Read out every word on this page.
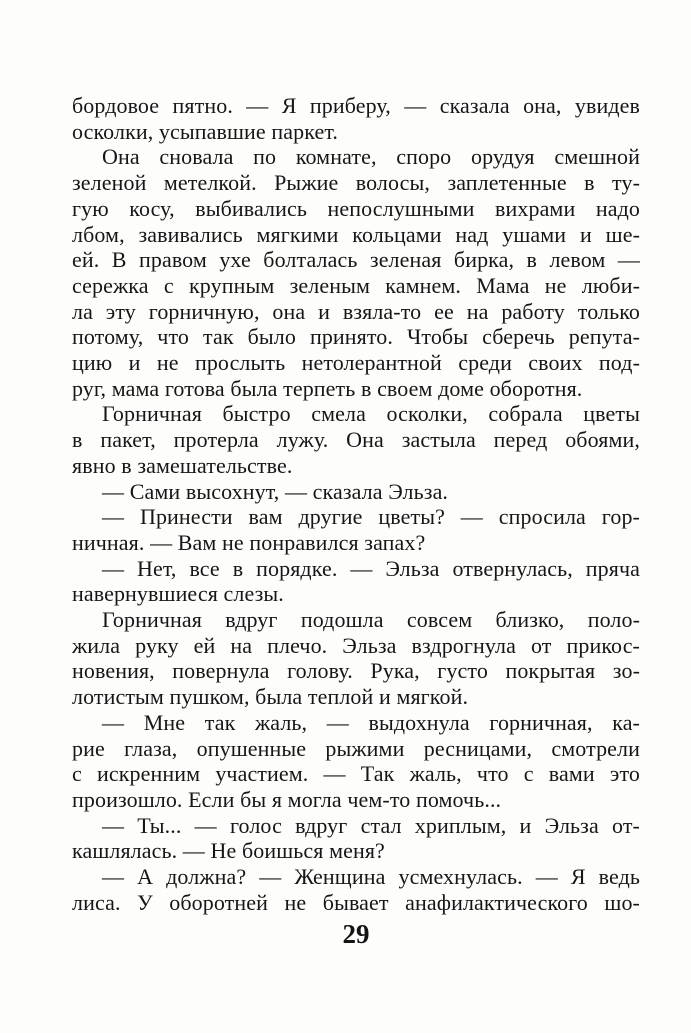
бордовое пятно. — Я приберу, — сказала она, увидев
осколки, усыпавшие паркет.
Она сновала по комнате, споро орудуя смешной
зеленой метелкой. Рыжие волосы, заплетенные в ту-
гую косу, выбивались непослушными вихрами надо
лбом, завивались мягкими кольцами над ушами и ше-
ей. В правом ухе болталась зеленая бирка, в левом —
сережка с крупным зеленым камнем. Мама не люби-
ла эту горничную, она и взяла-то ее на работу только
потому, что так было принято. Чтобы сберечь репута-
цию и не прослыть нетолерантной среди своих под-
руг, мама готова была терпеть в своем доме оборотня.
Горничная быстро смела осколки, собрала цветы
в пакет, протерла лужу. Она застыла перед обоями,
явно в замешательстве.
— Сами высохнут, — сказала Эльза.
— Принести вам другие цветы? — спросила гор-
ничная. — Вам не понравился запах?
— Нет, все в порядке. — Эльза отвернулась, пряча
навернувшиеся слезы.
Горничная вдруг подошла совсем близко, поло-
жила руку ей на плечо. Эльза вздрогнула от прикос-
новения, повернула голову. Рука, густо покрытая зо-
лотистым пушком, была теплой и мягкой.
— Мне так жаль, — выдохнула горничная, ка-
рие глаза, опушенные рыжими ресницами, смотрели
с искренним участием. — Так жаль, что с вами это
произошло. Если бы я могла чем-то помочь...
— Ты... — голос вдруг стал хриплым, и Эльза от-
кашлялась. — Не боишься меня?
— А должна? — Женщина усмехнулась. — Я ведь
лиса. У оборотней не бывает анафилактического шо-
29
